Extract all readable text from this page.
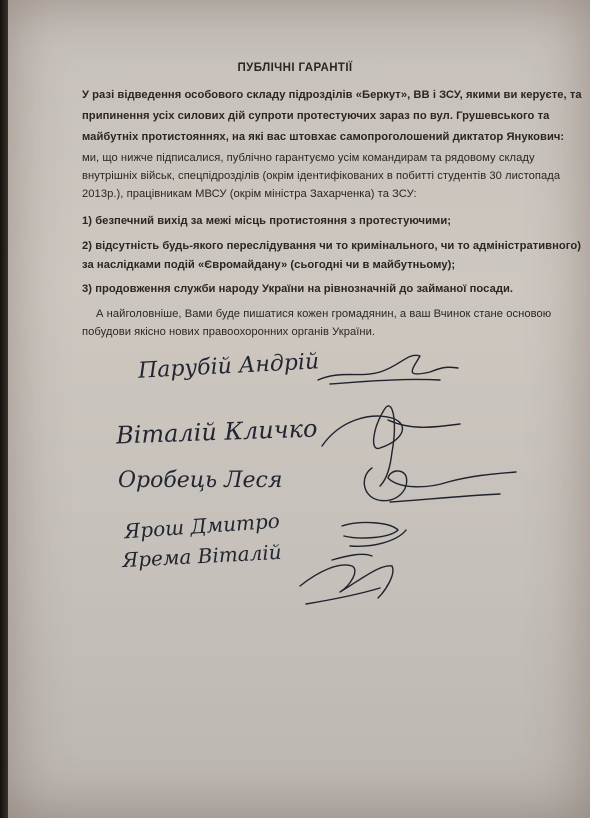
ПУБЛІЧНІ ГАРАНТІЇ
У разі відведення особового складу підрозділів «Беркут», ВВ і ЗСУ, якими ви керуєте, та
припинення усіх силових дій супроти протестуючих зараз по вул. Грушевського та
майбутніх протистояннях, на які вас штовхає самопроголошений диктатор Янукович:
ми, що нижче підписалися, публічно гарантуємо усім командирам та рядовому складу
внутрішніх військ, спецпідрозділів (окрім ідентифікованих в побитті студентів 30 листопада
2013р.), працівникам МВСУ (окрім міністра Захарченка) та ЗСУ:
1) безпечний вихід за межі місць протистояння з протестуючими;
2) відсутність будь-якого переслідування чи то кримінального, чи то адміністративного)
за наслідками подій «Євромайдану» (сьогодні чи в майбутньому);
3) продовження служби народу України на рівнозначній до займаної посади.
А найголовніше, Вами буде пишатися кожен громадянин, а ваш Вчинок стане основою
побудови якісно нових правоохоронних органів України.
Парубій Андрій
Віталій Кличко
Оробець Леся
Ярош Дмитро
Ярема Віталій
